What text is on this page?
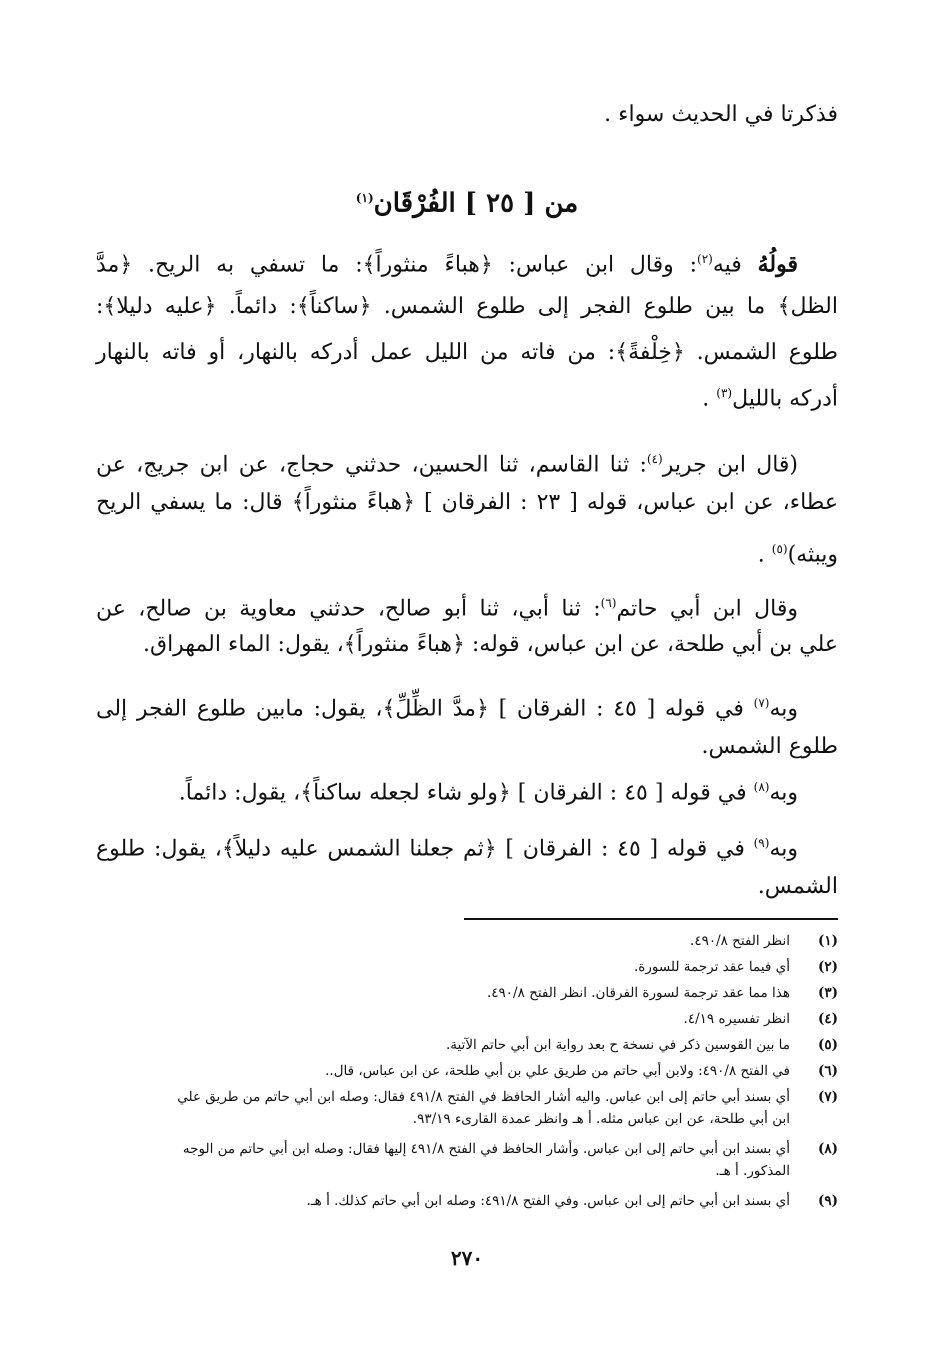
فذكرتا في الحديث سواء .
من [ ٢٥ ] الفُرْقَان$^{(١)}$
قولُهُ فيه$^{(٢)}$: وقال ابن عباس: ﴿هباءً منثوراً﴾: ما تسفي به الريح. ﴿مدَّ
الظل﴾ ما بين طلوع الفجر إلى طلوع الشمس. ﴿ساكناً﴾: دائماً. ﴿عليه دليلا﴾:
طلوع الشمس. ﴿خِلْفةً﴾: من فاته من الليل عمل أدركه بالنهار، أو فاته بالنهار
أدركه بالليل$^{(٣)}$ .
(قال ابن جرير$^{(٤)}$: ثنا القاسم، ثنا الحسين، حدثني حجاج، عن ابن جريج، عن
عطاء، عن ابن عباس، قوله [ ٢٣ : الفرقان ] ﴿هباءً منثوراً﴾ قال: ما يسفي الريح
ويبثه)$^{(٥)}$ .
وقال ابن أبي حاتم$^{(٦)}$: ثنا أبي، ثنا أبو صالح، حدثني معاوية بن صالح، عن
علي بن أبي طلحة، عن ابن عباس، قوله: ﴿هباءً منثوراً﴾، يقول: الماء المهراق.
وبه$^{(٧)}$ في قوله [ ٤٥ : الفرقان ] ﴿مدَّ الظِّلِّ﴾، يقول: مابين طلوع الفجر إلى
طلوع الشمس.
وبه$^{(٨)}$ في قوله [ ٤٥ : الفرقان ] ﴿ولو شاء لجعله ساكناً﴾، يقول: دائماً.
وبه$^{(٩)}$ في قوله [ ٤٥ : الفرقان ] ﴿ثم جعلنا الشمس عليه دليلاً﴾، يقول: طلوع
الشمس.
(١)
انظر الفتح ٤٩٠/٨.
(٢)
أي فيما عقد ترجمة للسورة.
(٣)
هذا مما عقد ترجمة لسورة الفرقان. انظر الفتح ٤٩٠/٨.
(٤)
انظر تفسيره ٤/١٩.
(٥)
ما بين القوسين ذكر في نسخة ح بعد رواية ابن أبي حاتم الآتية.
(٦)
في الفتح ٤٩٠/٨: ولابن أبي حاتم من طريق علي بن أبي طلحة، عن ابن عباس، قال..
(٧)
أي بسند أبي حاتم إلى ابن عباس. واليه أشار الحافظ في الفتح ٤٩١/٨ فقال: وصله ابن أبي حاتم من طريق علي
ابن أبي طلحة، عن ابن عباس مثله. أ هـ وانظر عمدة القارىء ٩٣/١٩.
(٨)
أي بسند ابن أبي حاتم إلى ابن عباس. وأشار الحافظ في الفتح ٤٩١/٨ إليها فقال: وصله ابن أبي حاتم من الوجه
المذكور. أ هـ.
(٩)
أي بسند ابن أبي حاتم إلى ابن عباس. وفي الفتح ٤٩١/٨: وصله ابن أبي حاتم كذلك. أ هـ.
٢٧٠
